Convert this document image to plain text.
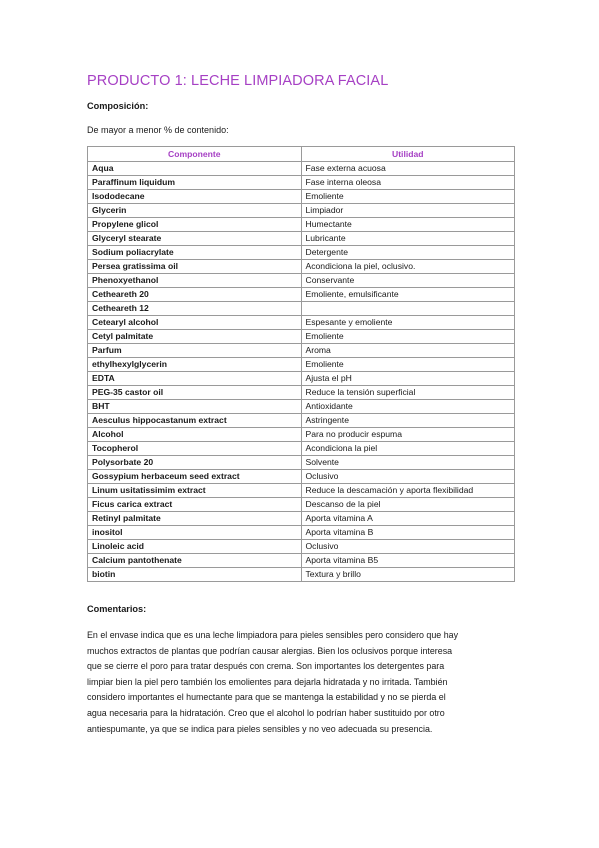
PRODUCTO 1: LECHE LIMPIADORA FACIAL
Composición:
De mayor a menor % de contenido:
Componente	Utilidad
Aqua	Fase externa acuosa
Paraffinum liquidum	Fase interna oleosa
Isododecane	Emoliente
Glycerin	Limpiador
Propylene glicol	Humectante
Glyceryl stearate	Lubricante
Sodium poliacrylate	Detergente
Persea gratissima oil	Acondiciona la piel, oclusivo.
Phenoxyethanol	Conservante
Ceth​eareth 20	Emoliente, emulsificante
Ceth​eareth 12	
Cetearyl alcohol	Espesante y emoliente
Cetyl palmitate	Emoliente
Parfum	Aroma
ethylhexylglycerin	Emoliente
EDTA	Ajusta el pH
PEG-35 castor oil	Reduce la tensión superficial
BHT	Antioxidante
Aesculus hippocastanum extract	Astringente
Alcohol	Para no producir espuma
Tocopherol	Acondiciona la piel
Polysorbate 20	Solvente
Gossypium herbaceum seed extract	Oclusivo
Linum usitatissimim extract	Reduce la descamación y aporta flexibilidad
Ficus carica extract	Descanso de la piel
Retinyl palmitate	Aporta vitamina A
inositol	Aporta vitamina B
Linoleic acid	Oclusivo
Calcium pantothenate	Aporta vitamina B5
biotin	Textura y brillo
Comentarios:
En el envase indica que es una leche limpiadora para pieles sensibles pero considero que hay
muchos extractos de plantas que podrían causar alergias. Bien los oclusivos porque interesa
que se cierre el poro para tratar después con crema. Son importantes los detergentes para
limpiar bien la piel pero también los emolientes para dejarla hidratada y no irritada. También
considero importantes el humectante para que se mantenga la estabilidad y no se pierda el
agua necesaria para la hidratación. Creo que el alcohol lo podrían haber sustituido por otro
antiespumante, ya que se indica para pieles sensibles y no veo adecuada su presencia.
